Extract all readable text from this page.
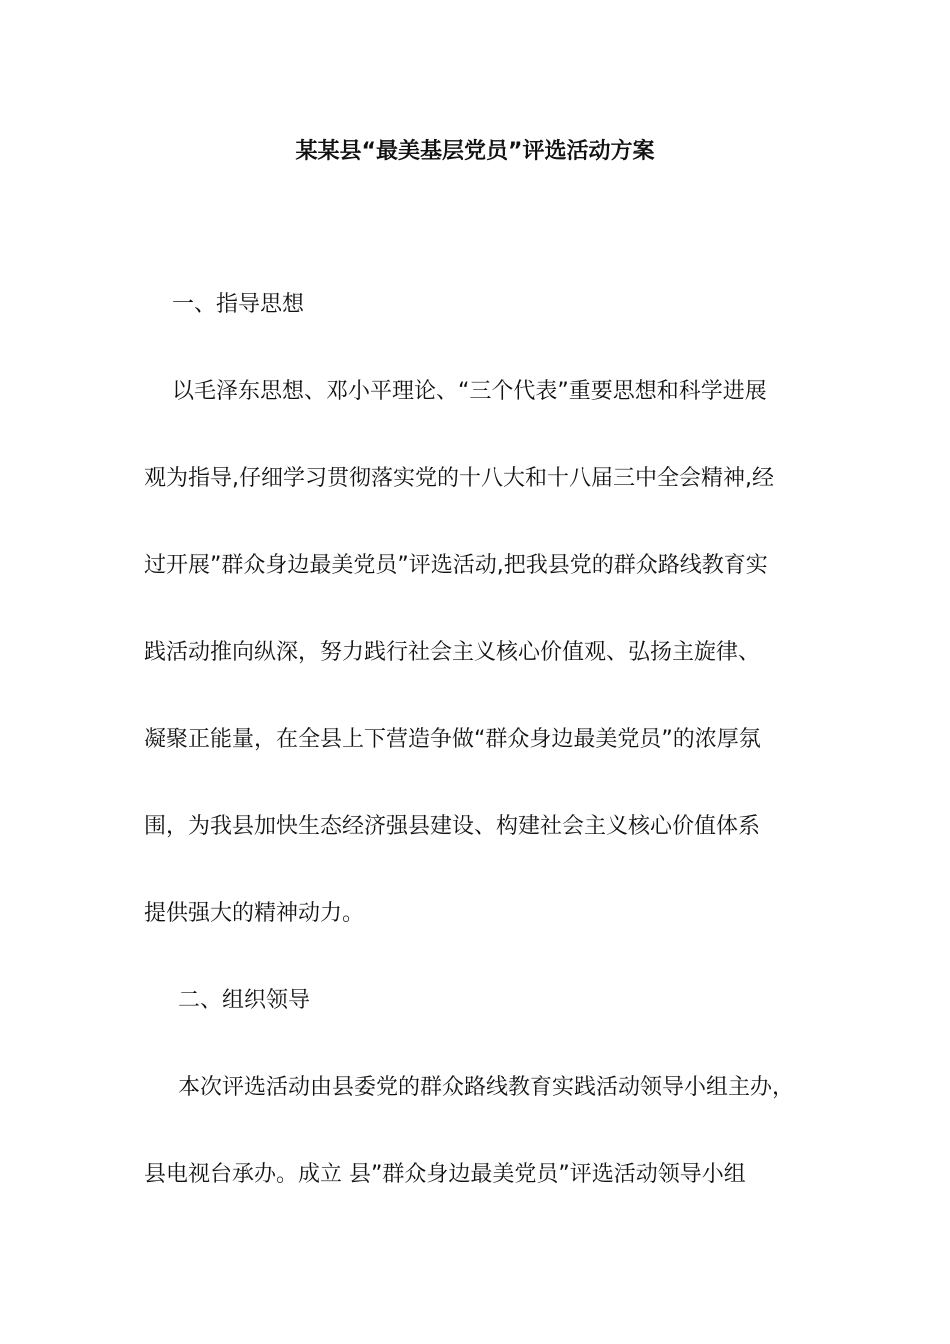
某某县“最美基层党员”评选活动方案
一、指导思想
以毛泽东思想、邓小平理论、“三个代表”重要思想和科学进展
观为指导,仔细学习贯彻落实党的十八大和十八届三中全会精神,经
过开展”群众身边最美党员”评选活动,把我县党的群众路线教育实
践活动推向纵深，努力践行社会主义核心价值观、弘扬主旋律、
凝聚正能量，在全县上下营造争做“群众身边最美党员”的浓厚氛
围，为我县加快生态经济强县建设、构建社会主义核心价值体系
提供强大的精神动力。
二、组织领导
本次评选活动由县委党的群众路线教育实践活动领导小组主办，
县电视台承办。成立 县”群众身边最美党员”评选活动领导小组
